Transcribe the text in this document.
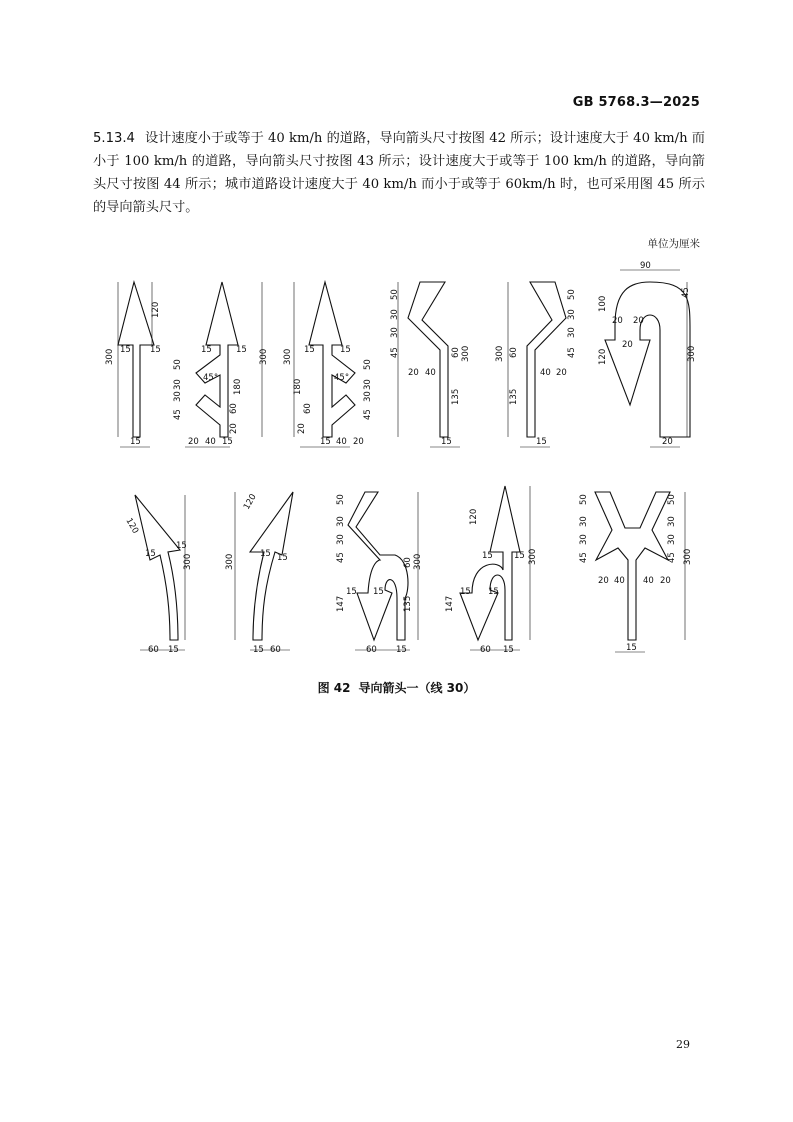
GB 5768.3—2025
5.13.4 设计速度小于或等于 40 km/h 的道路，导向箭头尺寸按图 42 所示；设计速度大于 40 km/h 而小于 100 km/h 的道路，导向箭头尺寸按图 43 所示；设计速度大于或等于 100 km/h 的道路，导向箭头尺寸按图 44 所示；城市道路设计速度大于 40 km/h 而小于或等于 60km/h 时，也可采用图 45 所示的导向箭头尺寸。
单位为厘米
300
120
15 15
15
15	15
45°
50
30
30
45
180
60
20
300
20 40 15
300
180
60
20
15	15
45°
50
30
30
45
15 40 20
50
30
30
45	60 300
135
20 40
15
300 60
135
50
30
30
45
40 20
15
90
100
120
20 20
20
45
300
20
120
15
15
300
60 15
120
15 15
300
15 60
50
30
30
45
147
15 15
60 300
135
60 15
120
15 15 300
147
15 15
60 15
50
30
30
45
50
30
30
45 300
20 40 40 20
15
图 42 导向箭头一（线 30）
29
